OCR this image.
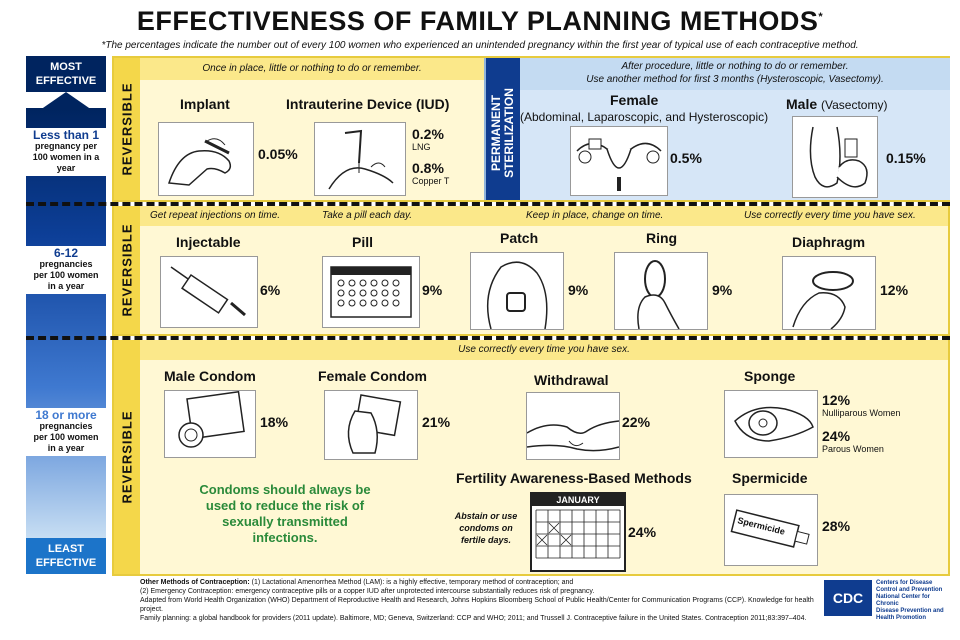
EFFECTIVENESS OF FAMILY PLANNING METHODS*
*The percentages indicate the number out of every 100 women who experienced an unintended pregnancy within the first year of typical use of each contraceptive method.
MOST
EFFECTIVE
Less than 1
pregnancy per 100 women in a year
6-12
pregnancies per 100 women in a year
18 or more
pregnancies per 100 women in a year
LEAST
EFFECTIVE
REVERSIBLE
Once in place, little or nothing to do or remember.
Implant
0.05%
Intrauterine Device (IUD)
0.2%
LNG
0.8%
Copper T
PERMANENT STERILIZATION
After procedure, little or nothing to do or remember.
Use another method for first 3 months (Hysteroscopic, Vasectomy).
Female
(Abdominal, Laparoscopic, and Hysteroscopic)
0.5%
Male (Vasectomy)
0.15%
REVERSIBLE
Get repeat injections on time.	Take a pill each day.	Keep in place, change on time.	Use correctly every time you have sex.
Injectable
6%
Pill
9%
Patch
9%
Ring
9%
Diaphragm
12%
REVERSIBLE
Use correctly every time you have sex.
Male Condom
18%
Female Condom
21%
Withdrawal
22%
Sponge
12%
Nulliparous Women
24%
Parous Women
Condoms should always be used to reduce the risk of sexually transmitted infections.
Fertility Awareness-Based Methods
Abstain or use condoms on fertile days.
JANUARY
24%
Spermicide
Spermicide	28%
Other Methods of Contraception: (1) Lactational Amenorrhea Method (LAM): is a highly effective, temporary method of contraception; and
(2) Emergency Contraception: emergency contraceptive pills or a copper IUD after unprotected intercourse substantially reduces risk of pregnancy.
Adapted from World Health Organization (WHO) Department of Reproductive Health and Research, Johns Hopkins Bloomberg School of Public Health/Center for Communication Programs (CCP). Knowledge for health project.
Family planning: a global handbook for providers (2011 update). Baltimore, MD; Geneva, Switzerland: CCP and WHO; 2011; and Trussell J. Contraceptive failure in the United States. Contraception 2011;83:397–404.
CDC
Centers for Disease
Control and Prevention
National Center for Chronic
Disease Prevention and
Health Promotion
